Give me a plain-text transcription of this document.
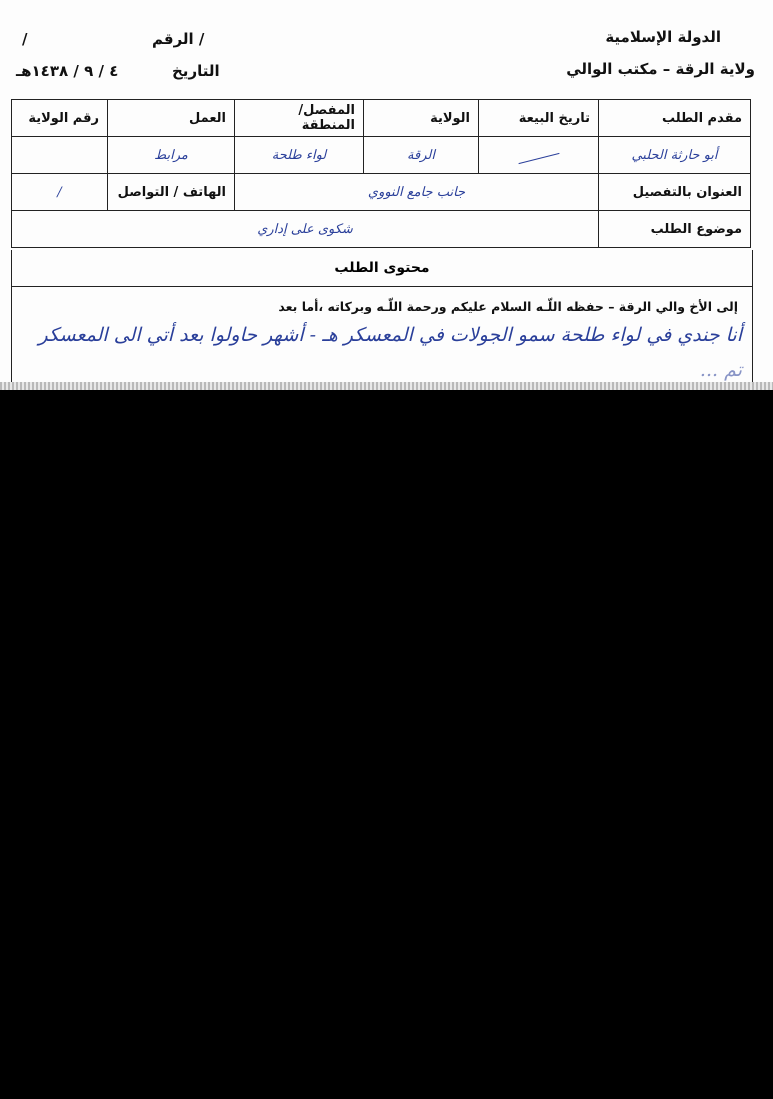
الدولة الإسلامية
ولاية الرقة – مكتب الوالي
الرقم /
/
التاريخ
٤ / ٩ / ١٤٣٨هـ
مقدم الطلب	تاريخ البيعة	الولاية	المفصل/ المنطقة	العمل	رقم الولاية
أبو حارثة الحلبي		الرقة	لواء طلحة	مرابط	
العنوان بالتفصيل	جانب جامع النووي			الهاتف / التواصل	/
موضوع الطلب	شكوى على إداري				
محتوى الطلب
إلى الأخ والي الرقة – حفظه اللّـه السلام عليكم ورحمة اللّـه وبركاته ،أما بعد
أنا جندي في لواء طلحة سمو الجولات في المعسكر هـ - أشهر حاولوا بعد أتي الى المعسكر
تم ...
